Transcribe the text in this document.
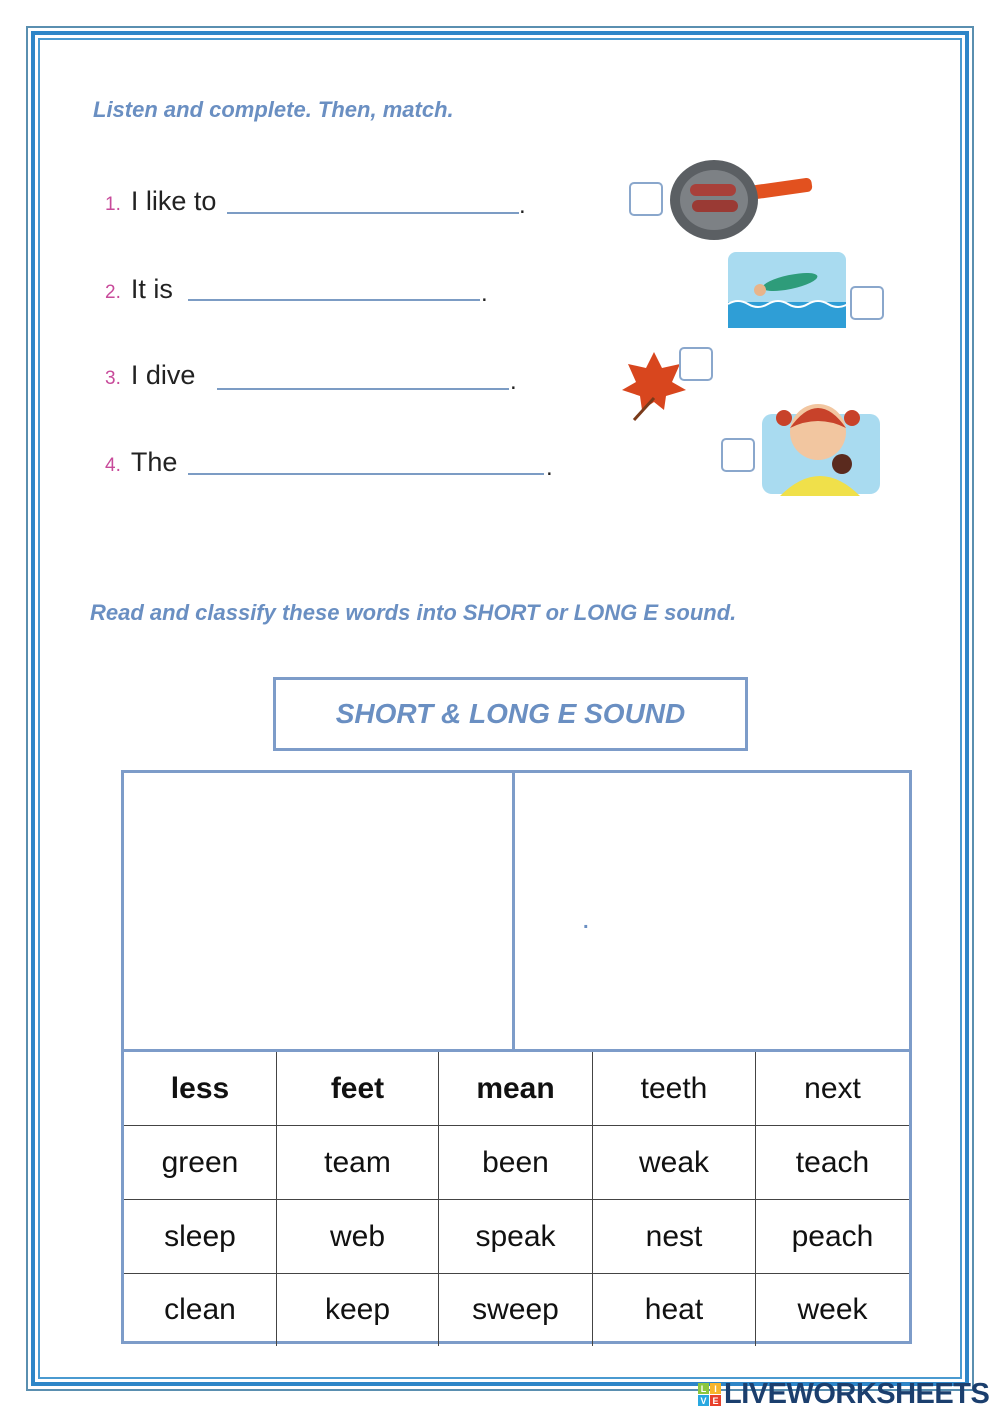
Listen and complete. Then, match.
1. I like to	.
2. It is	.
3. I dive	.
4. The	.
Read and classify these words into SHORT or LONG E sound.
SHORT & LONG E SOUND
.
less	feet	mean	teeth	next
green	team	been	weak	teach
sleep	web	speak	nest	peach
clean	keep	sweep	heat	week
L I
V E LIVEWORKSHEETS
